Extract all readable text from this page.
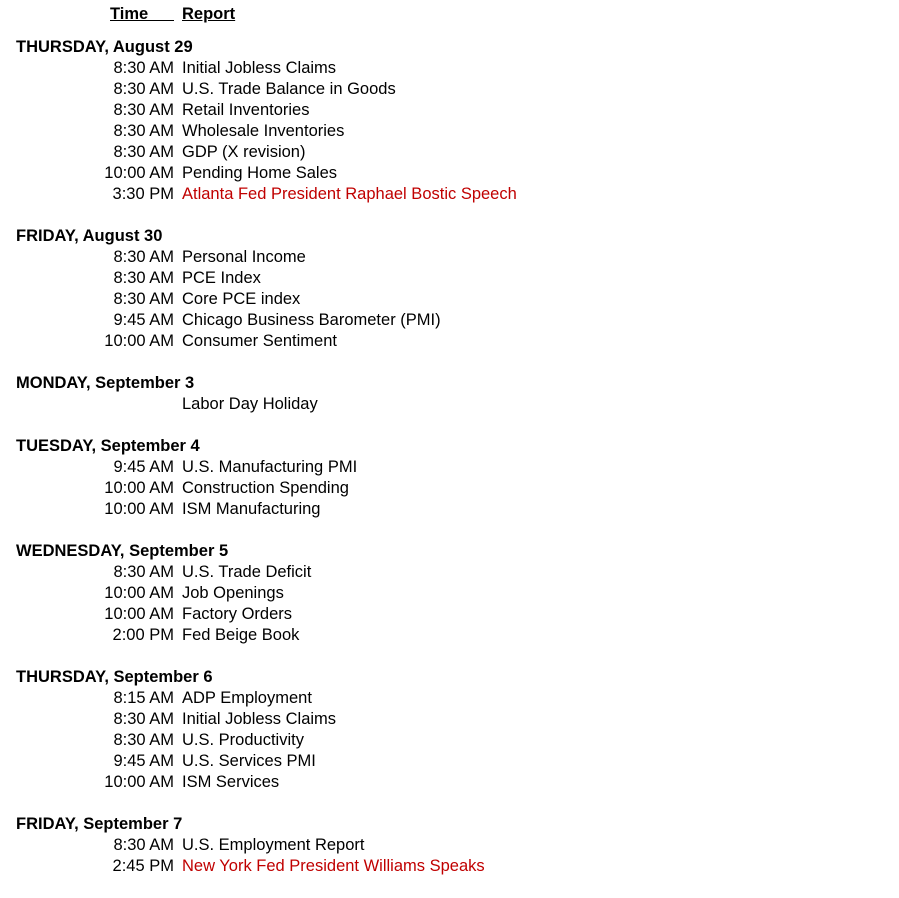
Time	Report
THURSDAY, August 29
8:30 AM Initial Jobless Claims
8:30 AM U.S. Trade Balance in Goods
8:30 AM Retail Inventories
8:30 AM Wholesale Inventories
8:30 AM GDP (X revision)
10:00 AM Pending Home Sales
3:30 PM Atlanta Fed President Raphael Bostic Speech
FRIDAY, August 30
8:30 AM Personal Income
8:30 AM PCE Index
8:30 AM Core PCE index
9:45 AM Chicago Business Barometer (PMI)
10:00 AM Consumer Sentiment
MONDAY, September 3
Labor Day Holiday
TUESDAY, September 4
9:45 AM U.S. Manufacturing PMI
10:00 AM Construction Spending
10:00 AM ISM Manufacturing
WEDNESDAY, September 5
8:30 AM U.S. Trade Deficit
10:00 AM Job Openings
10:00 AM Factory Orders
2:00 PM Fed Beige Book
THURSDAY, September 6
8:15 AM ADP Employment
8:30 AM Initial Jobless Claims
8:30 AM U.S. Productivity
9:45 AM U.S. Services PMI
10:00 AM ISM Services
FRIDAY, September 7
8:30 AM U.S. Employment Report
2:45 PM New York Fed President Williams Speaks
